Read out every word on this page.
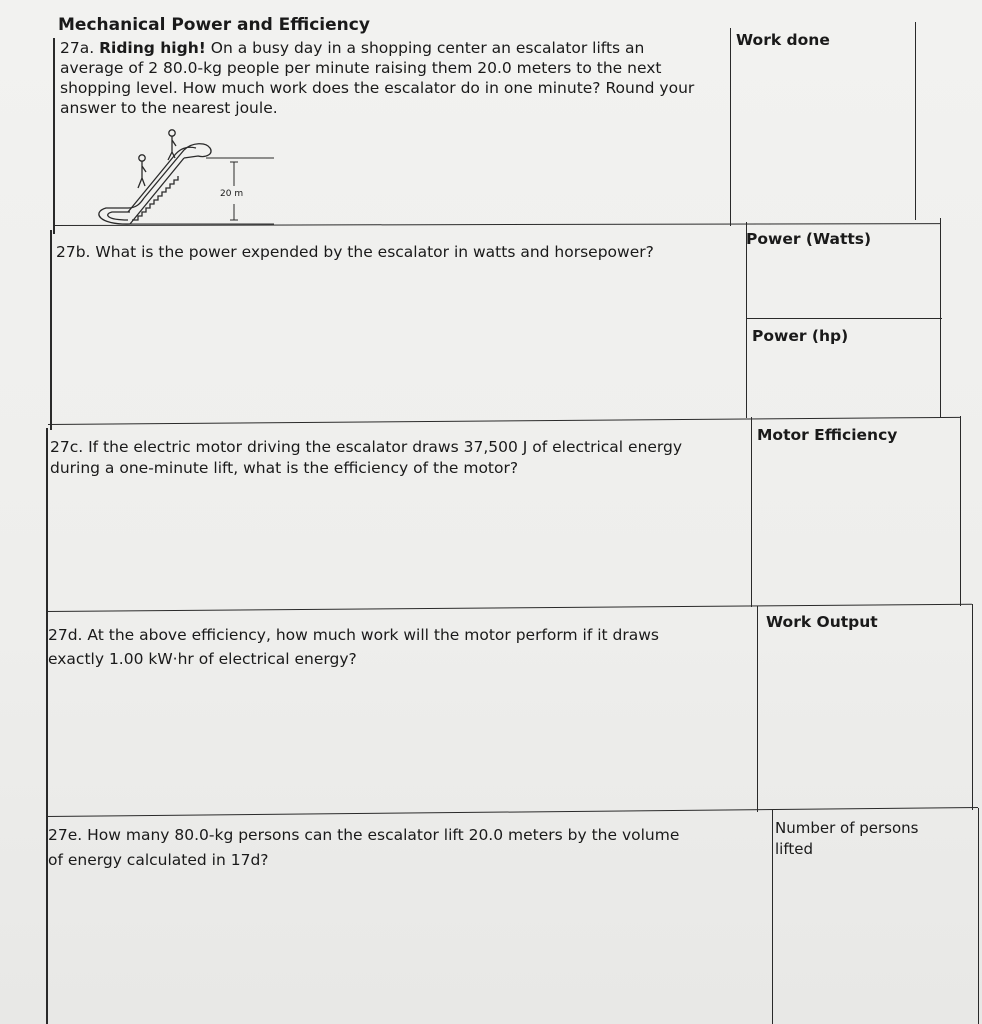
Mechanical Power and Efficiency
27a. Riding high! On a busy day in a shopping center an escalator lifts an
average of 2 80.0-kg people per minute raising them 20.0 meters to the next
shopping level. How much work does the escalator do in one minute? Round your
answer to the nearest joule.
20 m
27b. What is the power expended by the escalator in watts and horsepower?
27c. If the electric motor driving the escalator draws 37,500 J of electrical energy
during a one-minute lift, what is the efficiency of the motor?
27d. At the above efficiency, how much work will the motor perform if it draws
exactly 1.00 kW·hr of electrical energy?
27e. How many 80.0-kg persons can the escalator lift 20.0 meters by the volume
of energy calculated in 17d?
Work done
Power (Watts)
Power (hp)
Motor Efficiency
Work Output
Number of persons
lifted
